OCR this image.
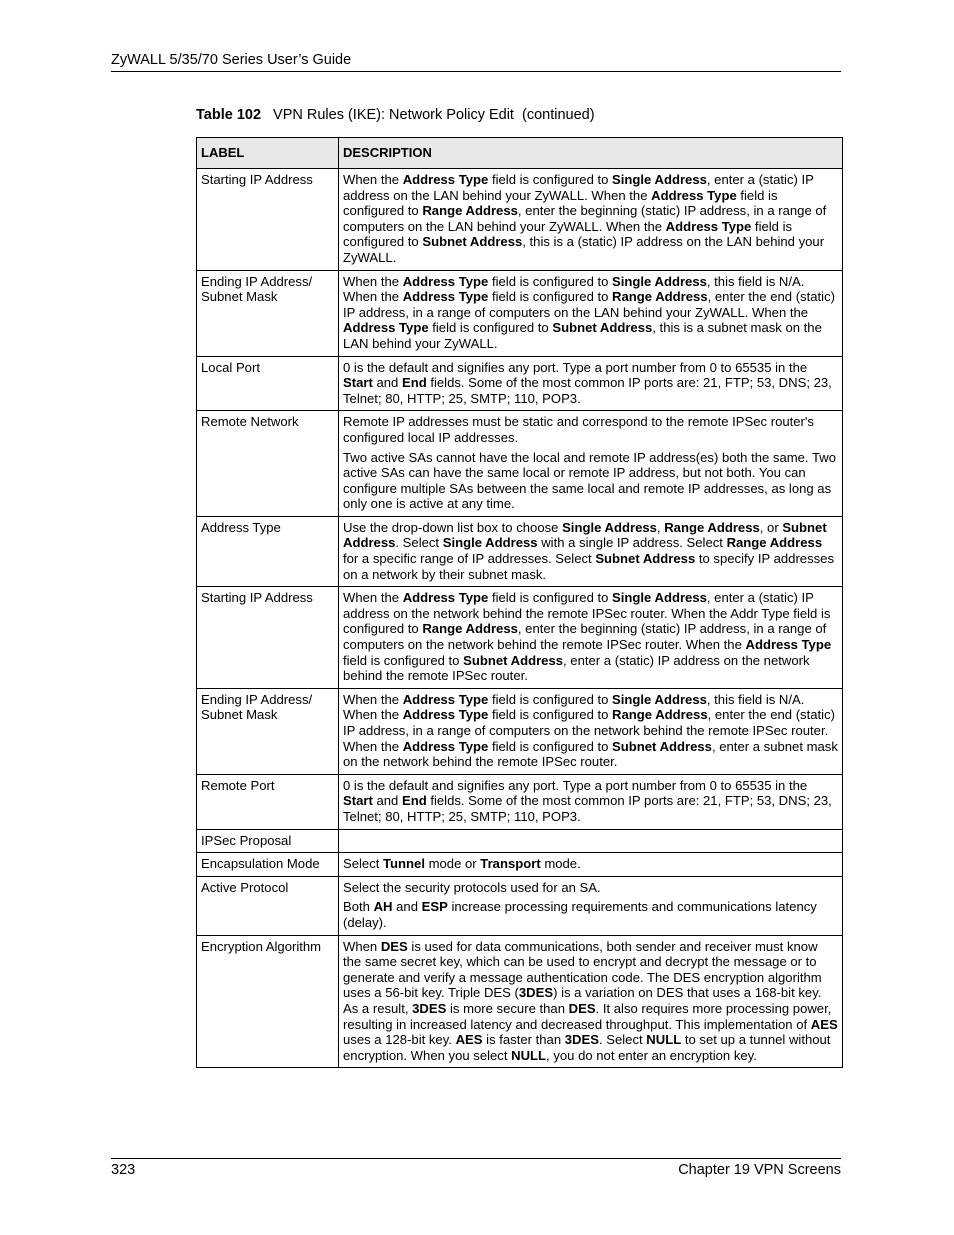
ZyWALL 5/35/70 Series User’s Guide
Table 102 VPN Rules (IKE): Network Policy Edit  (continued)
LABEL	DESCRIPTION
Starting IP Address	When the Address Type field is configured to Single Address, enter a (static) IP address on the LAN behind your ZyWALL. When the Address Type field is configured to Range Address, enter the beginning (static) IP address, in a range of computers on the LAN behind your ZyWALL. When the Address Type field is configured to Subnet Address, this is a (static) IP address on the LAN behind your ZyWALL.

Ending IP Address/ Subnet Mask	When the Address Type field is configured to Single Address, this field is N/A. When the Address Type field is configured to Range Address, enter the end (static) IP address, in a range of computers on the LAN behind your ZyWALL. When the Address Type field is configured to Subnet Address, this is a subnet mask on the LAN behind your ZyWALL.

Local Port	0 is the default and signifies any port. Type a port number from 0 to 65535 in the Start and End fields. Some of the most common IP ports are: 21, FTP; 53, DNS; 23, Telnet; 80, HTTP; 25, SMTP; 110, POP3.

Remote Network	Remote IP addresses must be static and correspond to the remote IPSec router's configured local IP addresses.

Two active SAs cannot have the local and remote IP address(es) both the same. Two active SAs can have the same local or remote IP address, but not both. You can configure multiple SAs between the same local and remote IP addresses, as long as only one is active at any time.

Address Type	Use the drop-down list box to choose Single Address, Range Address, or Subnet Address. Select Single Address with a single IP address. Select Range Address for a specific range of IP addresses. Select Subnet Address to specify IP addresses on a network by their subnet mask.

Starting IP Address	When the Address Type field is configured to Single Address, enter a (static) IP address on the network behind the remote IPSec router. When the Addr Type field is configured to Range Address, enter the beginning (static) IP address, in a range of computers on the network behind the remote IPSec router. When the Address Type field is configured to Subnet Address, enter a (static) IP address on the network behind the remote IPSec router.

Ending IP Address/ Subnet Mask	When the Address Type field is configured to Single Address, this field is N/A. When the Address Type field is configured to Range Address, enter the end (static) IP address, in a range of computers on the network behind the remote IPSec router. When the Address Type field is configured to Subnet Address, enter a subnet mask on the network behind the remote IPSec router.

Remote Port	0 is the default and signifies any port. Type a port number from 0 to 65535 in the Start and End fields. Some of the most common IP ports are: 21, FTP; 53, DNS; 23, Telnet; 80, HTTP; 25, SMTP; 110, POP3.

IPSec Proposal	
Encapsulation Mode	Select Tunnel mode or Transport mode.

Active Protocol	Select the security protocols used for an SA.

Both AH and ESP increase processing requirements and communications latency (delay).

Encryption Algorithm	When DES is used for data communications, both sender and receiver must know the same secret key, which can be used to encrypt and decrypt the message or to generate and verify a message authentication code. The DES encryption algorithm uses a 56-bit key. Triple DES (3DES) is a variation on DES that uses a 168-bit key. As a result, 3DES is more secure than DES. It also requires more processing power, resulting in increased latency and decreased throughput. This implementation of AES uses a 128-bit key. AES is faster than 3DES. Select NULL to set up a tunnel without encryption. When you select NULL, you do not enter an encryption key.

323	Chapter 19 VPN Screens
